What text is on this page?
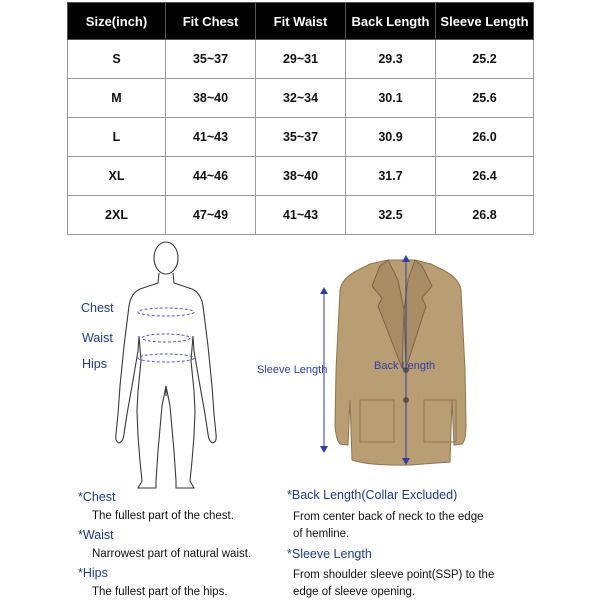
Size(inch)	Fit Chest	Fit Waist	Back Length	Sleeve Length
S	35~37	29~31	29.3	25.2
M	38~40	32~34	30.1	25.6
L	41~43	35~37	30.9	26.0
XL	44~46	38~40	31.7	26.4
2XL	47~49	41~43	32.5	26.8
Chest
Waist
Hips	Sleeve Length	Back Length
*Chest
The fullest part of the chest.
*Waist
Narrowest part of natural waist.
*Hips
The fullest part of the hips.
*Back Length(Collar Excluded)
From center back of neck to the edge
of hemline.
*Sleeve Length
From shoulder sleeve point(SSP) to the
edge of sleeve opening.
